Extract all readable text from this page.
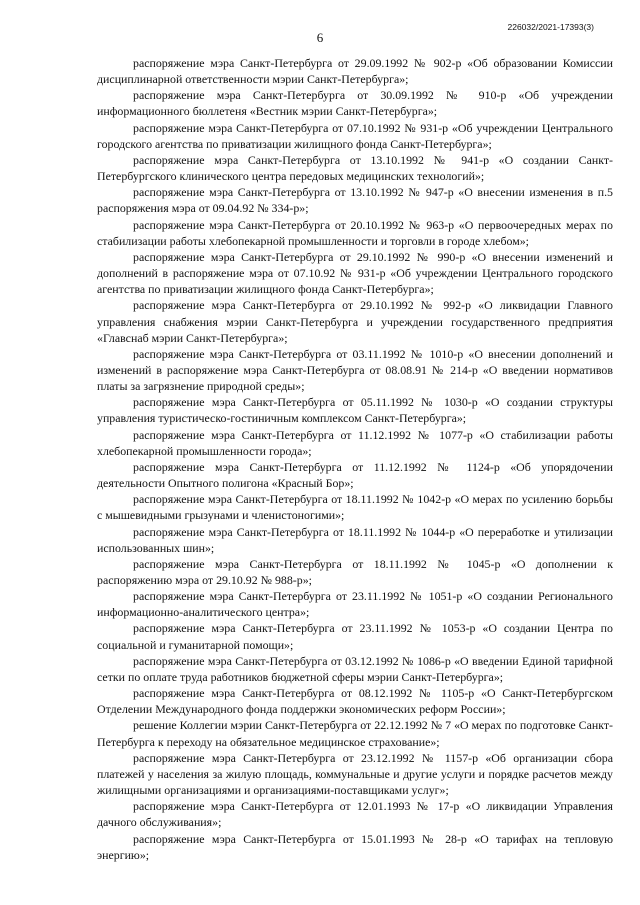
226032/2021-17393(3)
6

распоряжение мэра Санкт-Петербурга от 29.09.1992 № 902-р «Об образовании Комиссии дисциплинарной ответственности мэрии Санкт-Петербурга»;

распоряжение мэра Санкт-Петербурга от 30.09.1992 № 910-р «Об учреждении информационного бюллетеня «Вестник мэрии Санкт-Петербурга»;

распоряжение мэра Санкт-Петербурга от 07.10.1992 № 931-р «Об учреждении Центрального городского агентства по приватизации жилищного фонда Санкт-Петербурга»;

распоряжение мэра Санкт-Петербурга от 13.10.1992 № 941-р «О создании Санкт-Петербургского клинического центра передовых медицинских технологий»;

распоряжение мэра Санкт-Петербурга от 13.10.1992 № 947-р «О внесении изменения в п.5 распоряжения мэра от 09.04.92 № 334-р»;

распоряжение мэра Санкт-Петербурга от 20.10.1992 № 963-р «О первоочередных мерах по стабилизации работы хлебопекарной промышленности и торговли в городе хлебом»;

распоряжение мэра Санкт-Петербурга от 29.10.1992 № 990-р «О внесении изменений и дополнений в распоряжение мэра от 07.10.92 № 931-р «Об учреждении Центрального городского агентства по приватизации жилищного фонда Санкт-Петербурга»;

распоряжение мэра Санкт-Петербурга от 29.10.1992 № 992-р «О ликвидации Главного управления снабжения мэрии Санкт-Петербурга и учреждении государственного предприятия «Главснаб мэрии Санкт-Петербурга»;

распоряжение мэра Санкт-Петербурга от 03.11.1992 № 1010-р «О внесении дополнений и изменений в распоряжение мэра Санкт-Петербурга от 08.08.91 № 214-р «О введении нормативов платы за загрязнение природной среды»;

распоряжение мэра Санкт-Петербурга от 05.11.1992 № 1030-р «О создании структуры управления туристическо-гостиничным комплексом Санкт-Петербурга»;

распоряжение мэра Санкт-Петербурга от 11.12.1992 № 1077-р «О стабилизации работы хлебопекарной промышленности города»;

распоряжение мэра Санкт-Петербурга от 11.12.1992 № 1124-р «Об упорядочении деятельности Опытного полигона «Красный Бор»;

распоряжение мэра Санкт-Петербурга от 18.11.1992 № 1042-р «О мерах по усилению борьбы с мышевидными грызунами и членистоногими»;

распоряжение мэра Санкт-Петербурга от 18.11.1992 № 1044-р «О переработке и утилизации использованных шин»;

распоряжение мэра Санкт-Петербурга от 18.11.1992 № 1045-р «О дополнении к распоряжению мэра от 29.10.92 № 988-р»;

распоряжение мэра Санкт-Петербурга от 23.11.1992 № 1051-р «О создании Регионального информационно-аналитического центра»;

распоряжение мэра Санкт-Петербурга от 23.11.1992 № 1053-р «О создании Центра по социальной и гуманитарной помощи»;

распоряжение мэра Санкт-Петербурга от 03.12.1992 № 1086-р «О введении Единой тарифной сетки по оплате труда работников бюджетной сферы мэрии Санкт-Петербурга»;

распоряжение мэра Санкт-Петербурга от 08.12.1992 № 1105-р «О Санкт-Петербургском Отделении Международного фонда поддержки экономических реформ России»;

решение Коллегии мэрии Санкт-Петербурга от 22.12.1992 № 7 «О мерах по подготовке Санкт-Петербурга к переходу на обязательное медицинское страхование»;

распоряжение мэра Санкт-Петербурга от 23.12.1992 № 1157-р «Об организации сбора платежей у населения за жилую площадь, коммунальные и другие услуги и порядке расчетов между жилищными организациями и организациями-поставщиками услуг»;

распоряжение мэра Санкт-Петербурга от 12.01.1993 № 17-р «О ликвидации Управления дачного обслуживания»;

распоряжение мэра Санкт-Петербурга от 15.01.1993 № 28-р «О тарифах на тепловую энергию»;
